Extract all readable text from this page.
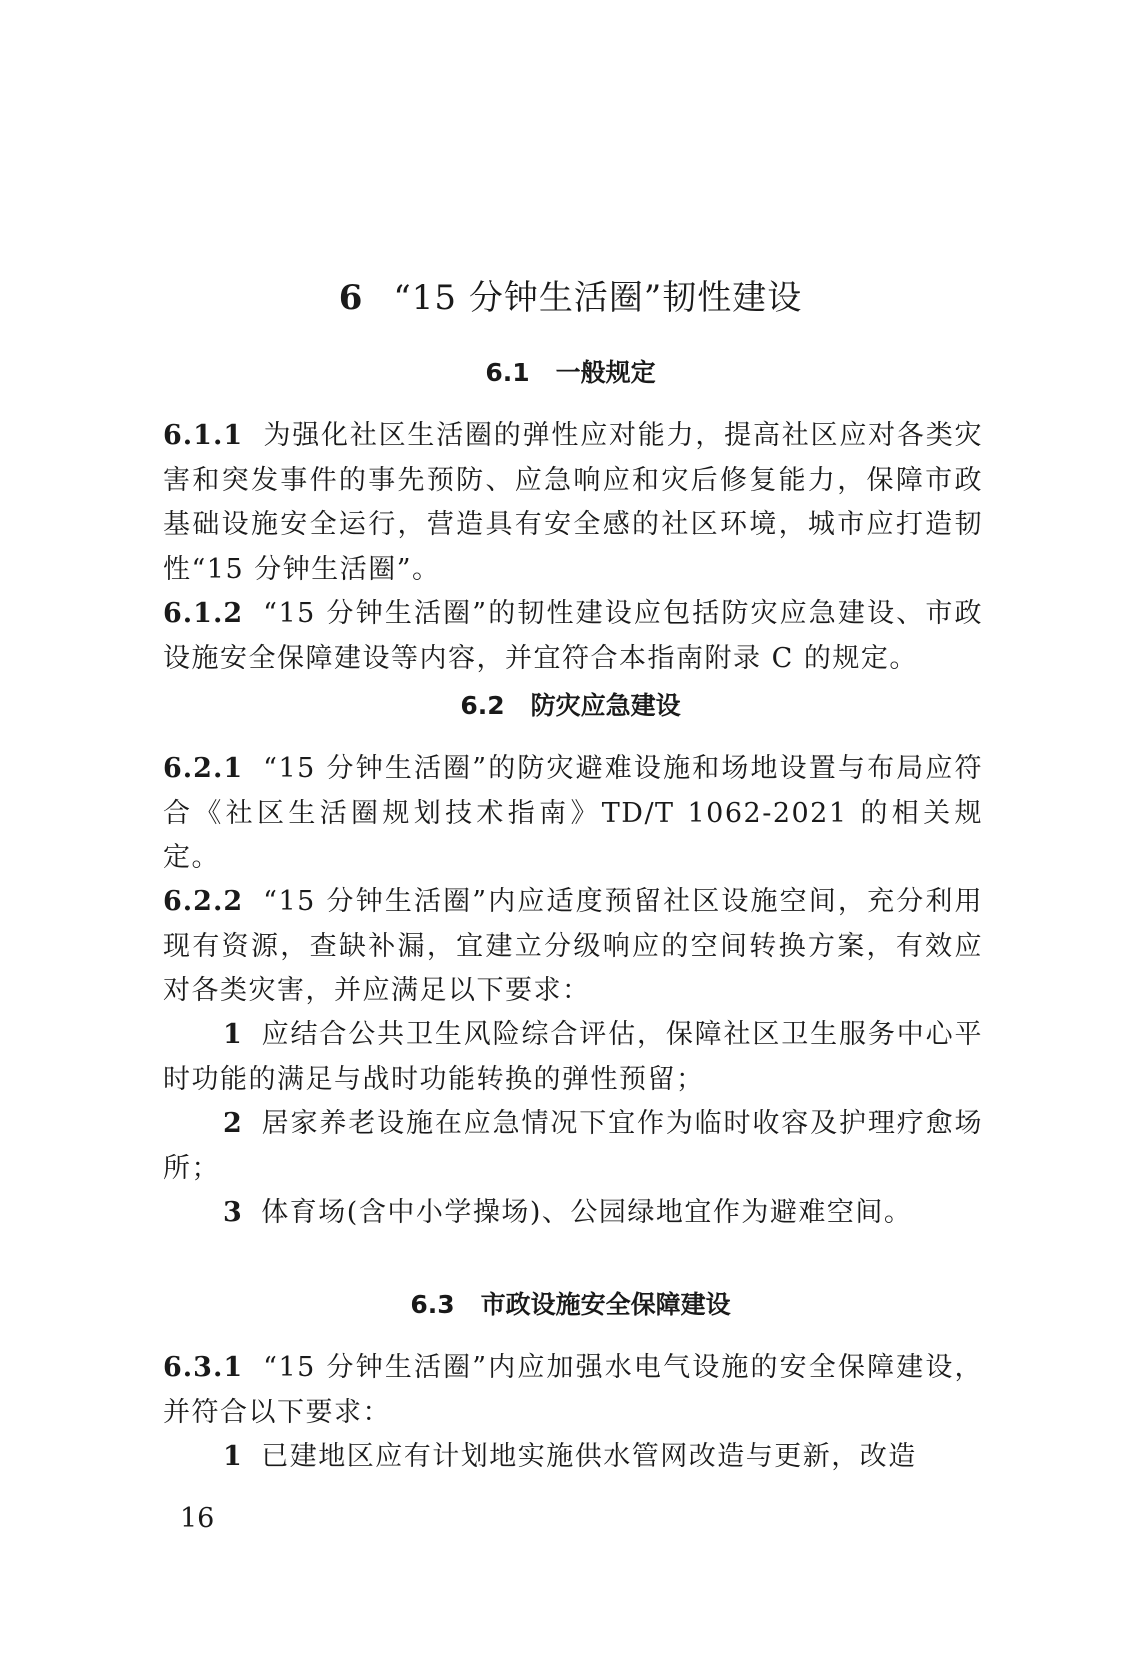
6 “15 分钟生活圈”韧性建设
6.1 一般规定
6.1.1 为强化社区生活圈的弹性应对能力，提高社区应对各类灾害和突发事件的事先预防、应急响应和灾后修复能力，保障市政基础设施安全运行，营造具有安全感的社区环境，城市应打造韧性“15 分钟生活圈”。
6.1.2 “15 分钟生活圈”的韧性建设应包括防灾应急建设、市政设施安全保障建设等内容，并宜符合本指南附录 C 的规定。
6.2 防灾应急建设
6.2.1 “15 分钟生活圈”的防灾避难设施和场地设置与布局应符合《社区生活圈规划技术指南》TD/T 1062-2021 的相关规定。
6.2.2 “15 分钟生活圈”内应适度预留社区设施空间，充分利用现有资源，查缺补漏，宜建立分级响应的空间转换方案，有效应对各类灾害，并应满足以下要求：
1 应结合公共卫生风险综合评估，保障社区卫生服务中心平时功能的满足与战时功能转换的弹性预留；
2 居家养老设施在应急情况下宜作为临时收容及护理疗愈场所；
3 体育场(含中小学操场)、公园绿地宜作为避难空间。
6.3 市政设施安全保障建设
6.3.1 “15 分钟生活圈”内应加强水电气设施的安全保障建设，并符合以下要求：
1 已建地区应有计划地实施供水管网改造与更新，改造
16
